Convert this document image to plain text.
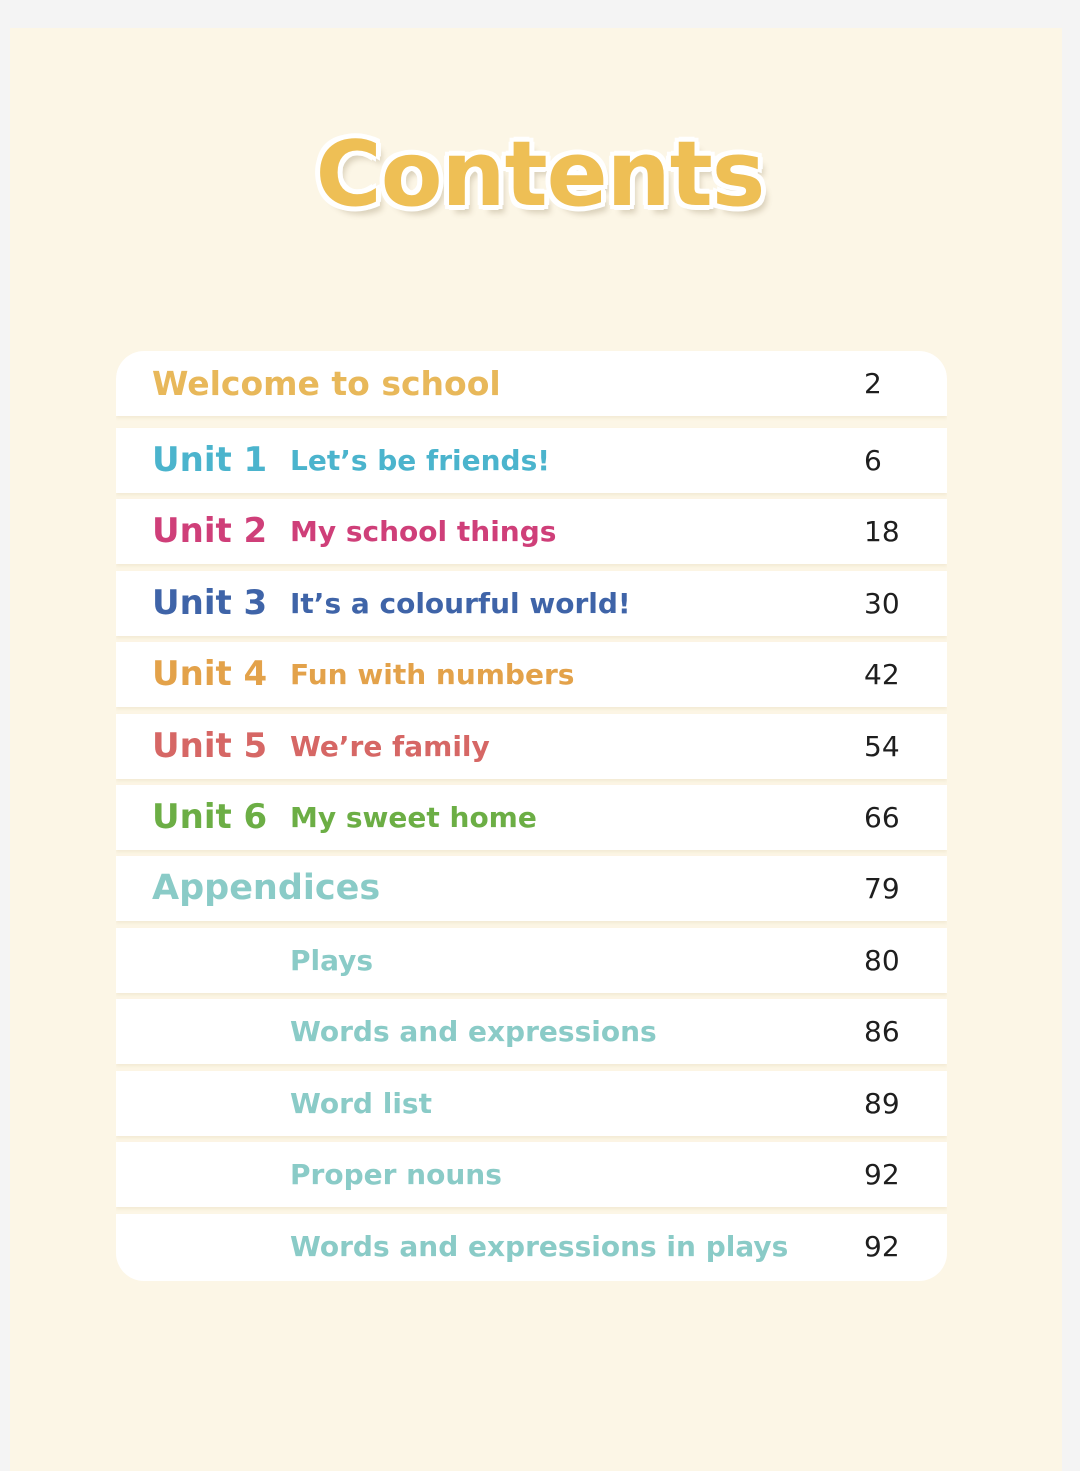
Contents
Welcome to school	2
Unit 1 Let’s be friends!	6
Unit 2 My school things	18
Unit 3 It’s a colourful world!	30
Unit 4 Fun with numbers	42
Unit 5 We’re family	54
Unit 6 My sweet home	66
Appendices	79
Plays	80
Words and expressions	86
Word list	89
Proper nouns	92
Words and expressions in plays	92
